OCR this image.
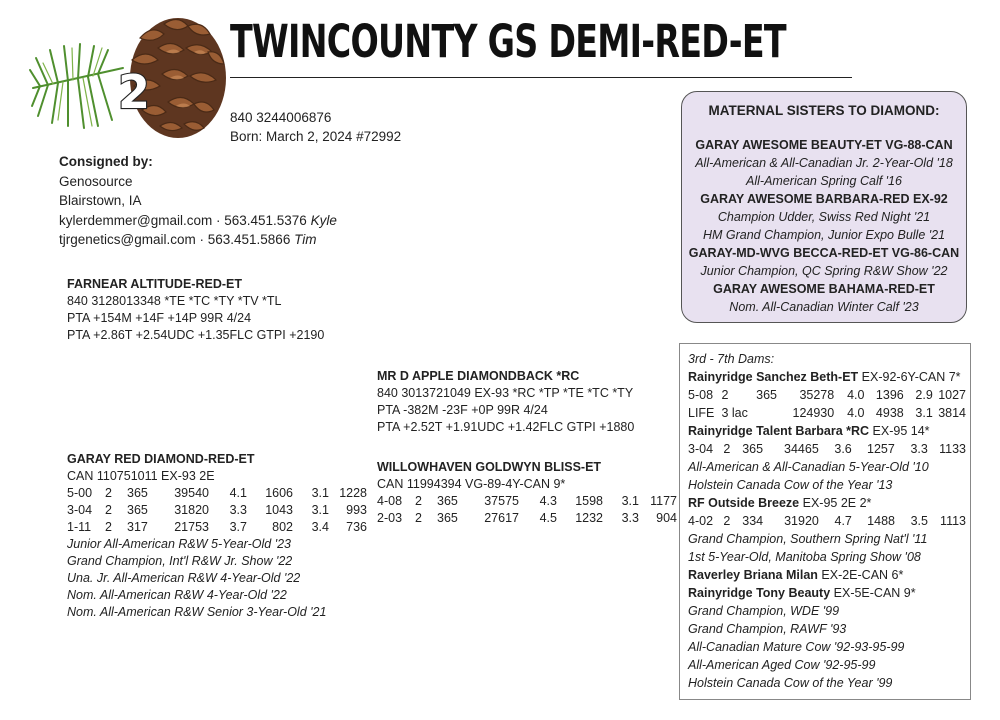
2
TWINCOUNTY GS DEMI-RED-ET
840 3244006876
Born: March 2, 2024 #72992
Consigned by:
Genosource
Blairstown, IA
kylerdemmer@gmail.com · 563.451.5376 Kyle
tjrgenetics@gmail.com · 563.451.5866 Tim
FARNEAR ALTITUDE-RED-ET
840 3128013348 *TE *TC *TY *TV *TL
PTA +154M +14F +14P 99R 4/24
PTA +2.86T +2.54UDC +1.35FLC GTPI +2190
MR D APPLE DIAMONDBACK *RC
840 3013721049 EX-93 *RC *TP *TE *TC *TY
PTA -382M -23F +0P 99R 4/24
PTA +2.52T +1.91UDC +1.42FLC GTPI +1880
WILLOWHAVEN GOLDWYN BLISS-ET
CAN 11994394 VG-89-4Y-CAN 9*
4-08	2	365	37575	4.3	1598	3.1	1177
2-03	2	365	27617	4.5	1232	3.3	904
GARAY RED DIAMOND-RED-ET
CAN 110751011 EX-93 2E
5-00	2	365	39540	4.1	1606	3.1	1228
3-04	2	365	31820	3.3	1043	3.1	993
1-11	2	317	21753	3.7	802	3.4	736
Junior All-American R&W 5-Year-Old '23
Grand Champion, Int'l R&W Jr. Show '22
Una. Jr. All-American R&W 4-Year-Old '22
Nom. All-American R&W 4-Year-Old '22
Nom. All-American R&W Senior 3-Year-Old '21
MATERNAL SISTERS TO DIAMOND:
GARAY AWESOME BEAUTY-ET VG-88-CAN
All-American & All-Canadian Jr. 2-Year-Old '18
All-American Spring Calf '16
GARAY AWESOME BARBARA-RED EX-92
Champion Udder, Swiss Red Night '21
HM Grand Champion, Junior Expo Bulle '21
GARAY-MD-WVG BECCA-RED-ET VG-86-CAN
Junior Champion, QC Spring R&W Show '22
GARAY AWESOME BAHAMA-RED-ET
Nom. All-Canadian Winter Calf '23
3rd - 7th Dams:
Rainyridge Sanchez Beth-ET EX-92-6Y-CAN 7*
5-08	2	365	35278	4.0	1396	2.9	1027
LIFE	3 lac		124930	4.0	4938	3.1	3814
Rainyridge Talent Barbara *RC EX-95 14*
3-04	2	365	34465	3.6	1257	3.3	1133
All-American & All-Canadian 5-Year-Old '10
Holstein Canada Cow of the Year '13
RF Outside Breeze EX-95 2E 2*
4-02	2	334	31920	4.7	1488	3.5	1113
Grand Champion, Southern Spring Nat'l '11
1st 5-Year-Old, Manitoba Spring Show '08
Raverley Briana Milan EX-2E-CAN 6*
Rainyridge Tony Beauty EX-5E-CAN 9*
Grand Champion, WDE '99
Grand Champion, RAWF '93
All-Canadian Mature Cow '92-93-95-99
All-American Aged Cow '92-95-99
Holstein Canada Cow of the Year '99
